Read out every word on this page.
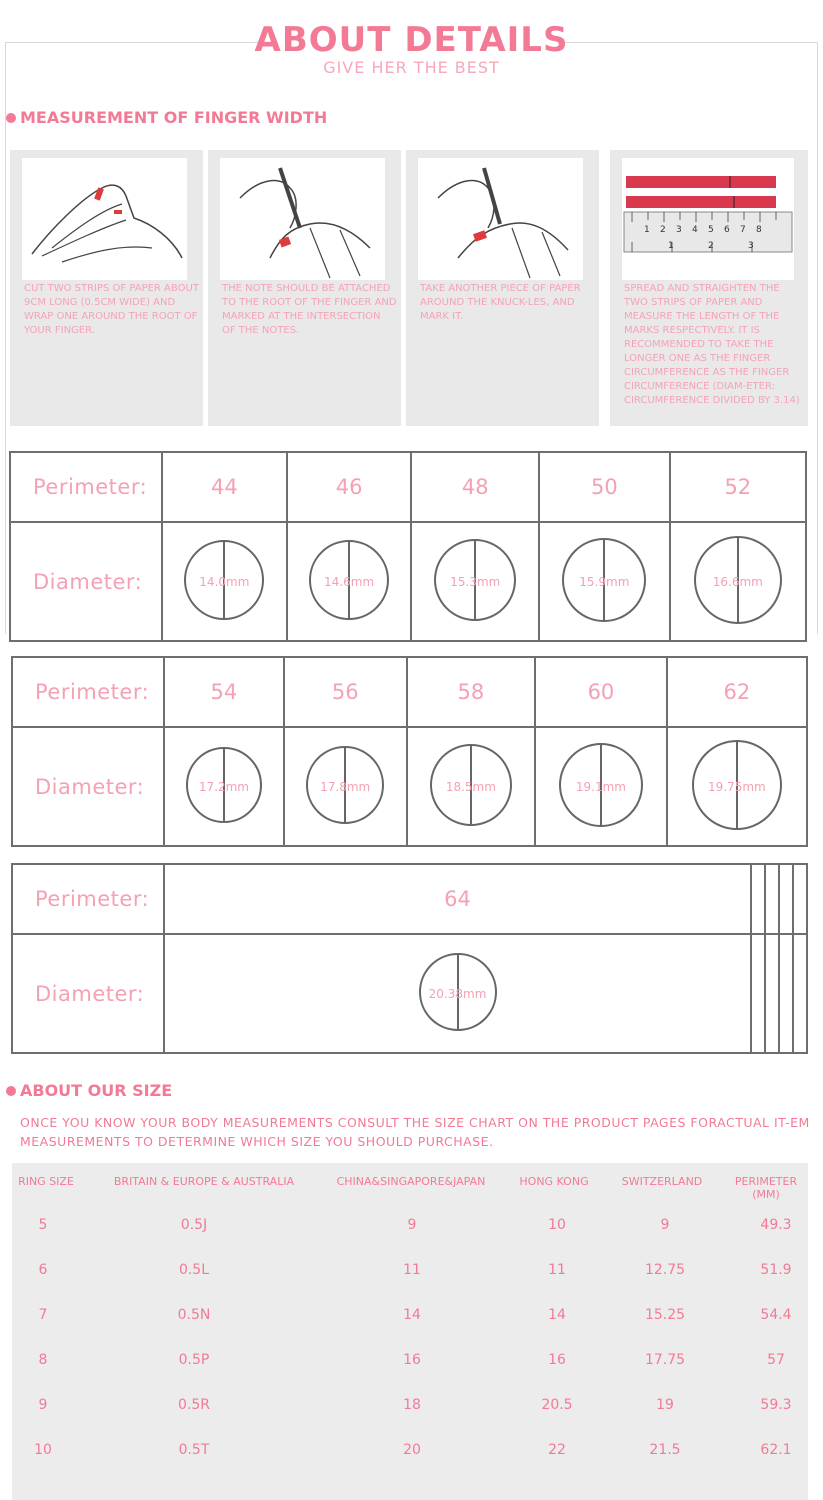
ABOUT DETAILS
GIVE HER THE BEST
MEASUREMENT OF FINGER WIDTH
CUT TWO STRIPS OF PAPER ABOUT 9CM LONG (0.5CM WIDE) AND WRAP ONE AROUND THE ROOT OF YOUR FINGER.
THE NOTE SHOULD BE ATTACHED TO THE ROOT OF THE FINGER AND MARKED AT THE INTERSECTION OF THE NOTES.
TAKE ANOTHER PIECE OF PAPER AROUND THE KNUCK-LES, AND MARK IT.
1 2 3 4 5 6 7 8
1	2	3
SPREAD AND STRAIGHTEN THE TWO STRIPS OF PAPER AND MEASURE THE LENGTH OF THE MARKS RESPECTIVELY. IT IS RECOMMENDED TO TAKE THE LONGER ONE AS THE FINGER CIRCUMFERENCE AS THE FINGER CIRCUMFERENCE (DIAM-ETER: CIRCUMFERENCE DIVIDED BY 3.14)
Perimeter:	44	46	48	50	52
Diameter:	14.0mm	14.6mm	15.3mm	15.9mm	16.6mm
Perimeter:	54	56	58	60	62
Diameter:	17.2mm	17.8mm	18.5mm	19.1mm	19.75mm
Perimeter:	64				
Diameter:	20.38mm				

ABOUT OUR SIZE
ONCE YOU KNOW YOUR BODY MEASUREMENTS CONSULT THE SIZE CHART ON THE PRODUCT PAGES FORACTUAL IT-EM MEASUREMENTS TO DETERMINE WHICH SIZE YOU SHOULD PURCHASE.
RING SIZE	BRITAIN & EUROPE & AUSTRALIA	CHINA&SINGAPORE&JAPAN	HONG KONG	SWITZERLAND	PERIMETER
(MM)
5	0.5J	9	10	9	49.3
6	0.5L	11	11	12.75	51.9
7	0.5N	14	14	15.25	54.4
8	0.5P	16	16	17.75	57
9	0.5R	18	20.5	19	59.3
10	0.5T	20	22	21.5	62.1
